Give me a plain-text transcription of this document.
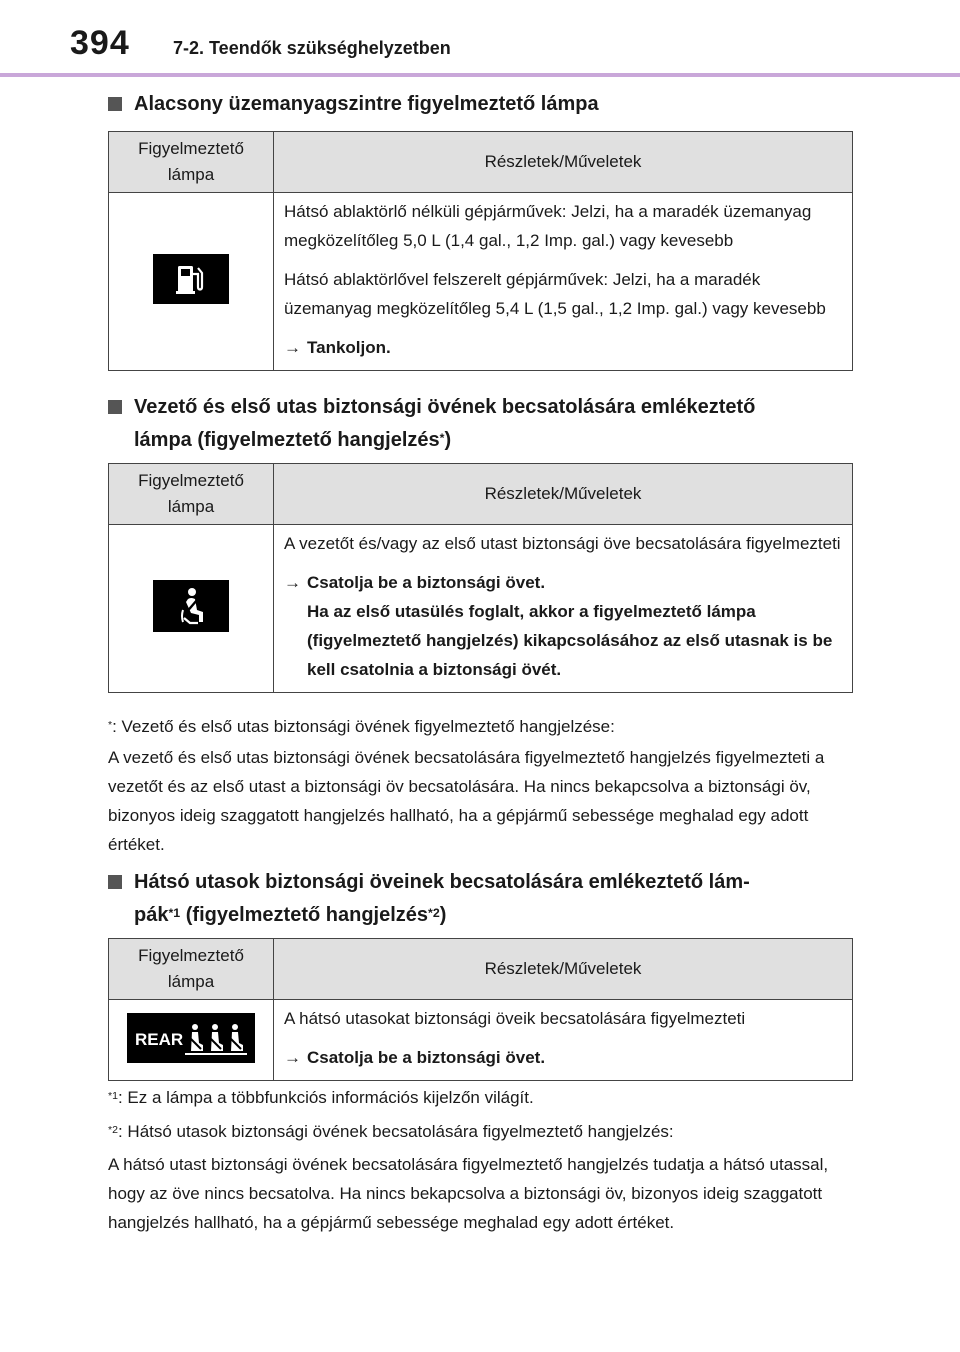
394 7-2. Teendők szükséghelyzetben
Alacsony üzemanyagszintre figyelmeztető lámpa
Figyelmeztető lámpa	Részletek/Műveletek

Hátsó ablaktörlő nélküli gépjárművek: Jelzi, ha a maradék üzemanyag megközelítőleg 5,0 L (1,4 gal., 1,2 Imp. gal.) vagy kevesebb
Hátsó ablaktörlővel felszerelt gépjárművek: Jelzi, ha a maradék üzemanyag megközelítőleg 5,4 L (1,5 gal., 1,2 Imp. gal.) vagy kevesebb
→ Tankoljon.
Vezető és első utas biztonsági övének becsatolására emlékeztető
lámpa (figyelmeztető hangjelzés*)
Figyelmeztető lámpa	Részletek/Műveletek

A vezetőt és/vagy az első utast biztonsági öve becsatolására figyelmezteti
→ Csatolja be a biztonsági övet.
Ha az első utasülés foglalt, akkor a figyelmeztető lámpa (figyelmeztető hangjelzés) kikapcsolásához az első utasnak is be kell csatolnia a biztonsági övét.
*: Vezető és első utas biztonsági övének figyelmeztető hangjelzése:
A vezető és első utas biztonsági övének becsatolására figyelmeztető hangjelzés figyelmezteti a vezetőt és az első utast a biztonsági öv becsatolására. Ha nincs bekapcsolva a biztonsági öv, bizonyos ideig szaggatott hangjelzés hallható, ha a gépjármű sebessége meghalad egy adott értéket.
Hátsó utasok biztonsági öveinek becsatolására emlékeztető lám-
pák$^{*1}$ (figyelmeztető hangjelzés$^{*2}$)
Figyelmeztető lámpa	Részletek/Műveletek

REAR	A hátsó utasokat biztonsági öveik becsatolására figyelmezteti
→ Csatolja be a biztonsági övet.
$^{*1}$: Ez a lámpa a többfunkciós információs kijelzőn világít.
$^{*2}$: Hátsó utasok biztonsági övének becsatolására figyelmeztető hangjelzés:
A hátsó utast biztonsági övének becsatolására figyelmeztető hangjelzés tudatja a hátsó utassal, hogy az öve nincs becsatolva. Ha nincs bekapcsolva a biztonsági öv, bizonyos ideig szaggatott hangjelzés hallható, ha a gépjármű sebessége meghalad egy adott értéket.
